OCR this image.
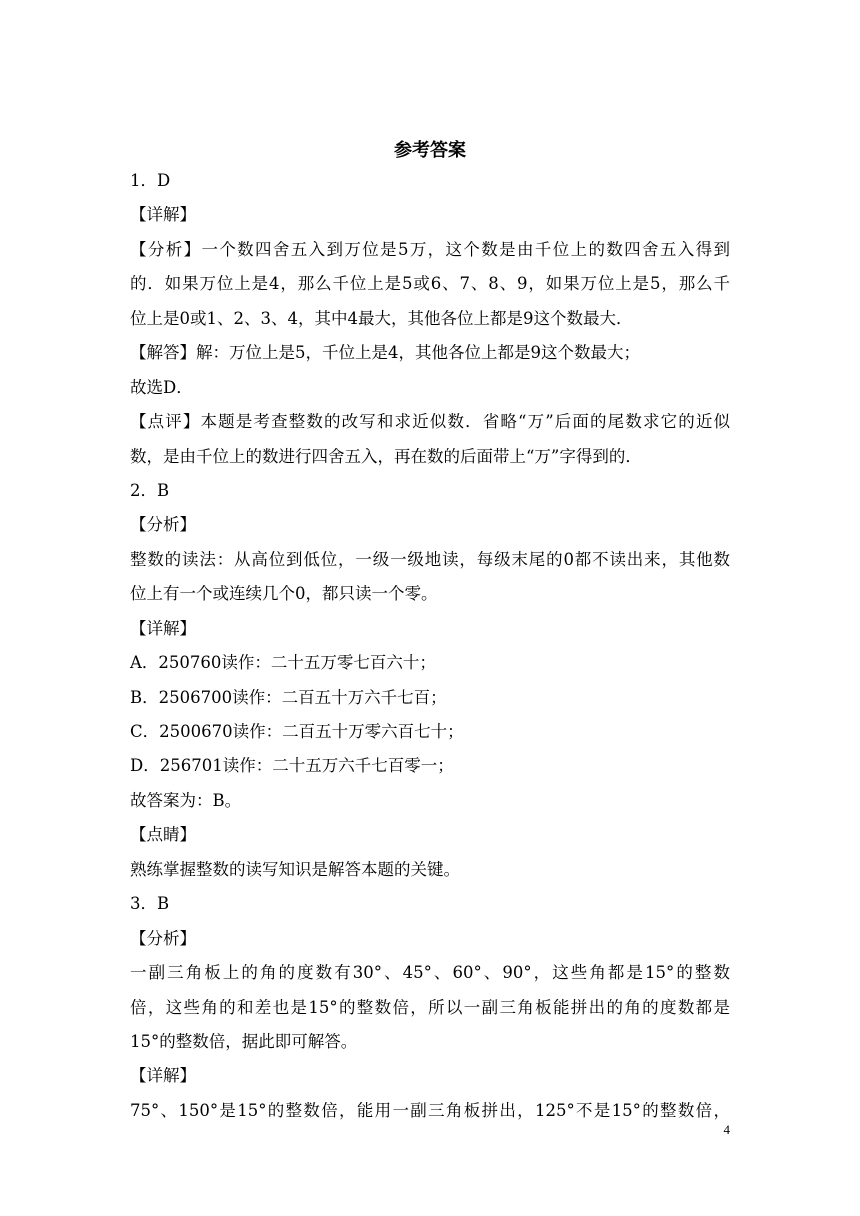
参考答案
1．D
【详解】
【分析】一个数四舍五入到万位是5万，这个数是由千位上的数四舍五入得到
的．如果万位上是4，那么千位上是5或6、7、8、9，如果万位上是5，那么千
位上是0或1、2、3、4，其中4最大，其他各位上都是9这个数最大．
【解答】解：万位上是5，千位上是4，其他各位上都是9这个数最大；
故选D．
【点评】本题是考查整数的改写和求近似数．省略“万”后面的尾数求它的近似
数，是由千位上的数进行四舍五入，再在数的后面带上“万”字得到的．
2．B
【分析】
整数的读法：从高位到低位，一级一级地读，每级末尾的0都不读出来，其他数
位上有一个或连续几个0，都只读一个零。
【详解】
A．250760读作：二十五万零七百六十；
B．2506700读作：二百五十万六千七百；
C．2500670读作：二百五十万零六百七十；
D．256701读作：二十五万六千七百零一；
故答案为：B。
【点睛】
熟练掌握整数的读写知识是解答本题的关键。
3．B
【分析】
一副三角板上的角的度数有30°、45°、60°、90°，这些角都是15°的整数
倍，这些角的和差也是15°的整数倍，所以一副三角板能拼出的角的度数都是
15°的整数倍，据此即可解答。
【详解】
75°、150°是15°的整数倍，能用一副三角板拼出，125°不是15°的整数倍，
4
